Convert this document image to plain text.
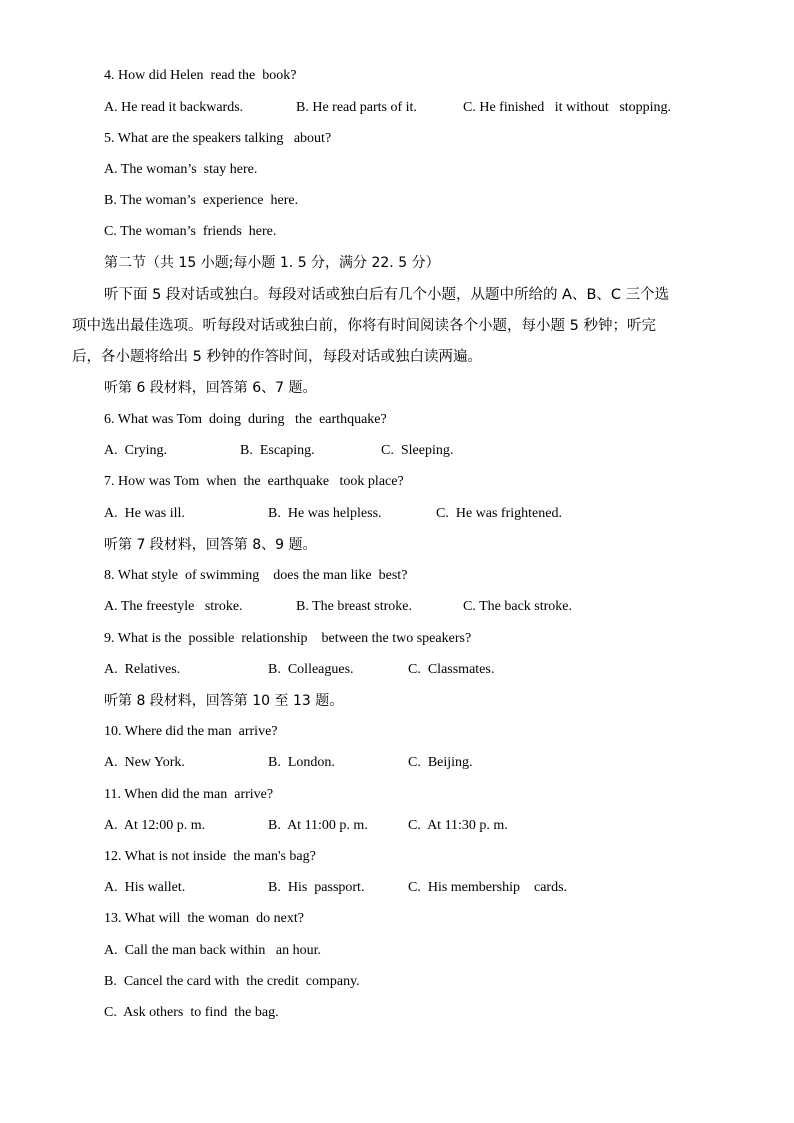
4. How did Helen  read the  book?
A. He read it backwards.	B. He read parts of it.	C. He finished   it without   stopping.
5. What are the speakers talking   about?
A. The woman’s  stay here.
B. The woman’s  experience  here.
C. The woman’s  friends  here.
第二节（共 15 小题;每小题 1. 5 分，满分 22. 5 分）
听下面 5 段对话或独白。每段对话或独白后有几个小题，从题中所给的 A、B、C 三个选
项中选出最佳选项。听每段对话或独白前，你将有时间阅读各个小题，每小题 5 秒钟；听完
后，各小题将给出 5 秒钟的作答时间，每段对话或独白读两遍。
听第 6 段材料，回答第 6、7 题。
6. What was Tom  doing  during   the  earthquake?
A.  Crying.	B.  Escaping.	C.  Sleeping.
7. How was Tom  when  the  earthquake   took place?
A.  He was ill.	B.  He was helpless.	C.  He was frightened.
听第 7 段材料，回答第 8、9 题。
8. What style  of swimming    does the man like  best?
A. The freestyle   stroke.	B. The breast stroke.	C. The back stroke.
9. What is the  possible  relationship    between the two speakers?
A.  Relatives.	B.  Colleagues.	C.  Classmates.
听第 8 段材料，回答第 10 至 13 题。
10. Where did the man  arrive?
A.  New York.	B.  London.	C.  Beijing.
11. When did the man  arrive?
A.  At 12:00 p. m.	B.  At 11:00 p. m.	C.  At 11:30 p. m.
12. What is not inside  the man's bag?
A.  His wallet.	B.  His  passport.	C.  His membership    cards.
13. What will  the woman  do next?
A.  Call the man back within   an hour.
B.  Cancel the card with  the credit  company.
C.  Ask others  to find  the bag.
